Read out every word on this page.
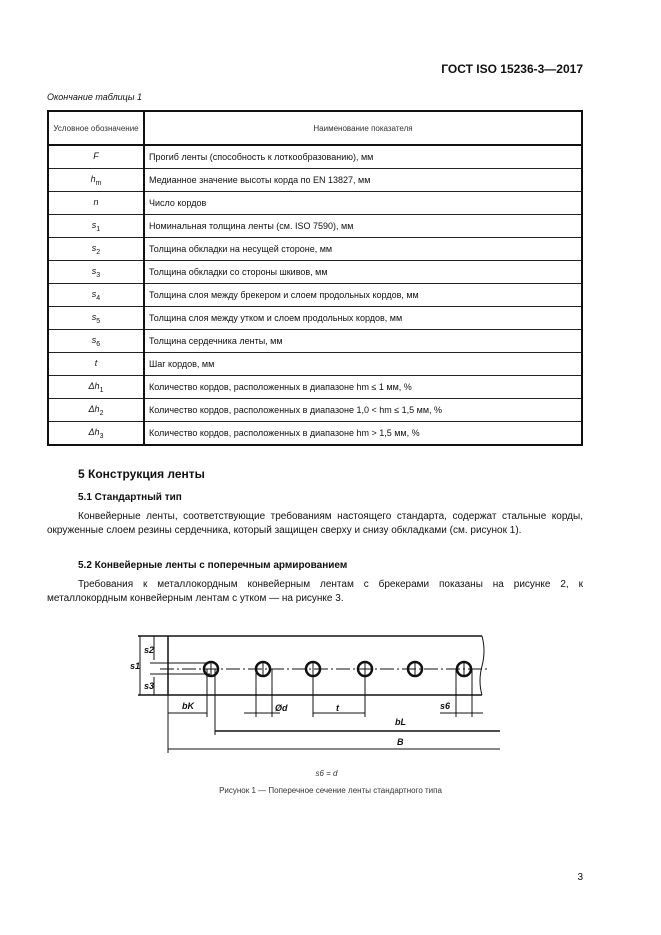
ГОСТ ISO 15236-3—2017
Окончание таблицы 1
Условное обозначение	Наименование показателя
F	Прогиб ленты (способность к лоткообразованию), мм
$h_m$	Медианное значение высоты корда по EN 13827, мм
n	Число кордов
$s_1$	Номинальная толщина ленты (см. ISO 7590), мм
$s_2$	Толщина обкладки на несущей стороне, мм
$s_3$	Толщина обкладки со стороны шкивов, мм
$s_4$	Толщина слоя между брекером и слоем продольных кордов, мм
$s_5$	Толщина слоя между утком и слоем продольных кордов, мм
$s_6$	Толщина сердечника ленты, мм
t	Шаг кордов, мм
$\Delta h_1$	Количество кордов, расположенных в диапазоне hm ≤ 1 мм, %
$\Delta h_2$	Количество кордов, расположенных в диапазоне 1,0 < hm ≤ 1,5 мм, %
$\Delta h_3$	Количество кордов, расположенных в диапазоне hm > 1,5 мм, %
5 Конструкция ленты
5.1 Стандартный тип
Конвейерные ленты, соответствующие требованиям настоящего стандарта, содержат стальные корды, окруженные слоем резины сердечника, который защищен сверху и снизу обкладками (см. рисунок 1).
5.2 Конвейерные ленты с поперечным армированием
Требования к металлокордным конвейерным лентам с брекерами показаны на рисунке 2, к металлокордным конвейерным лентам с утком — на рисунке 3.
s1
s2
s3
bK	Ød	t	s6
bL
B
s6 = d
Рисунок 1 — Поперечное сечение ленты стандартного типа
3
